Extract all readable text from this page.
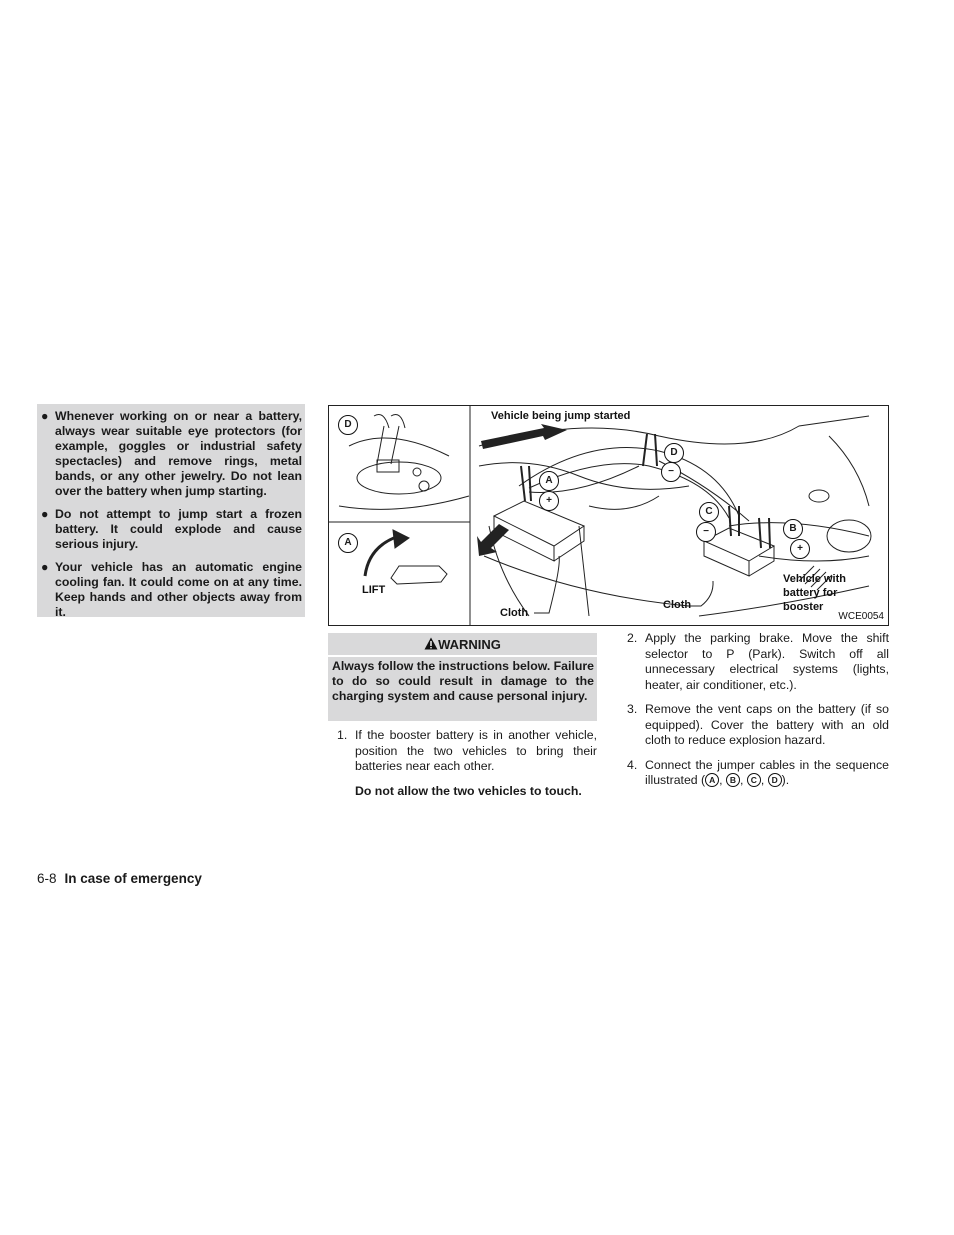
● Whenever working on or near a battery, always wear suitable eye protectors (for example, goggles or industrial safety spectacles) and remove rings, metal bands, or any other jewelry. Do not lean over the battery when jump starting.
● Do not attempt to jump start a frozen battery. It could explode and cause serious injury.
● Your vehicle has an automatic engine cooling fan. It could come on at any time. Keep hands and other objects away from it.
D
A
LIFT
Vehicle being jump started
D
−
A
+
C
−	B
+
Cloth
Cloth
Vehicle with
battery for
booster
WCE0054
WARNING
Always follow the instructions below. Failure to do so could result in damage to the charging system and cause personal injury.
1. If the booster battery is in another vehicle, position the two vehicles to bring their batteries near each other.
Do not allow the two vehicles to touch.
2. Apply the parking brake. Move the shift selector to P (Park). Switch off all unnecessary electrical systems (lights, heater, air conditioner, etc.).
3. Remove the vent caps on the battery (if so equipped). Cover the battery with an old cloth to reduce explosion hazard.
4. Connect the jumper cables in the sequence illustrated ( A , B , C , D ).
6-8 In case of emergency
